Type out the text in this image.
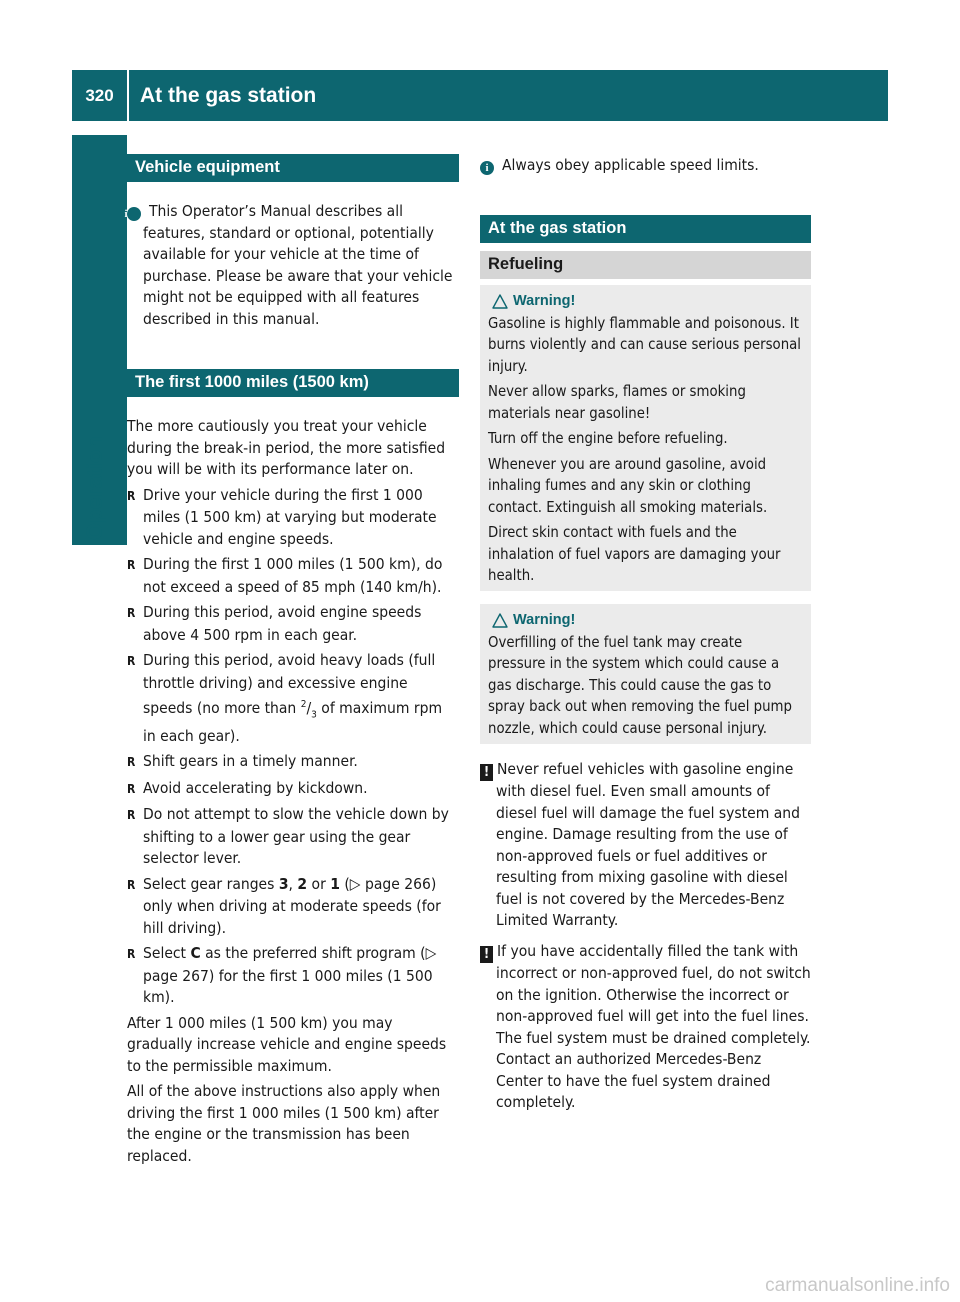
320	At the gas station
Operation
Vehicle equipment

i This Operator’s Manual describes all features, standard or optional, potentially available for your vehicle at the time of purchase. Please be aware that your vehicle might not be equipped with all features described in this manual.

The first 1000 miles (1500 km)

The more cautiously you treat your vehicle during the break-in period, the more satisfied you will be with its performance later on.

R Drive your vehicle during the first 1 000 miles (1 500 km) at varying but moderate vehicle and engine speeds.
R During the first 1 000 miles (1 500 km), do not exceed a speed of 85 mph (140 km/h).
R During this period, avoid engine speeds above 4 500 rpm in each gear.
R During this period, avoid heavy loads (full throttle driving) and excessive engine speeds (no more than $^2/_3$ of maximum rpm in each gear).
R Shift gears in a timely manner.
R Avoid accelerating by kickdown.
R Do not attempt to slow the vehicle down by shifting to a lower gear using the gear selector lever.
R Select gear ranges 3, 2 or 1 (▷ page 266) only when driving at moderate speeds (for hill driving).
R Select C as the preferred shift program (▷ page 267) for the first 1 000 miles (1 500 km).

After 1 000 miles (1 500 km) you may gradually increase vehicle and engine speeds to the permissible maximum.

All of the above instructions also apply when driving the first 1 000 miles (1 500 km) after the engine or the transmission has been replaced.

i Always obey applicable speed limits.

At the gas station
Refueling
Warning!

Gasoline is highly flammable and poisonous. It burns violently and can cause serious personal injury.

Never allow sparks, flames or smoking materials near gasoline!

Turn off the engine before refueling.

Whenever you are around gasoline, avoid inhaling fumes and any skin or clothing contact. Extinguish all smoking materials.

Direct skin contact with fuels and the inhalation of fuel vapors are damaging your health.

Warning!

Overfilling of the fuel tank may create pressure in the system which could cause a gas discharge. This could cause the gas to spray back out when removing the fuel pump nozzle, which could cause personal injury.

! Never refuel vehicles with gasoline engine with diesel fuel. Even small amounts of diesel fuel will damage the fuel system and engine. Damage resulting from the use of non-approved fuels or fuel additives or resulting from mixing gasoline with diesel fuel is not covered by the Mercedes-Benz Limited Warranty.

! If you have accidentally filled the tank with incorrect or non-approved fuel, do not switch on the ignition. Otherwise the incorrect or non-approved fuel will get into the fuel lines. The fuel system must be drained completely. Contact an authorized Mercedes-Benz Center to have the fuel system drained completely.

carmanualsonline.info
